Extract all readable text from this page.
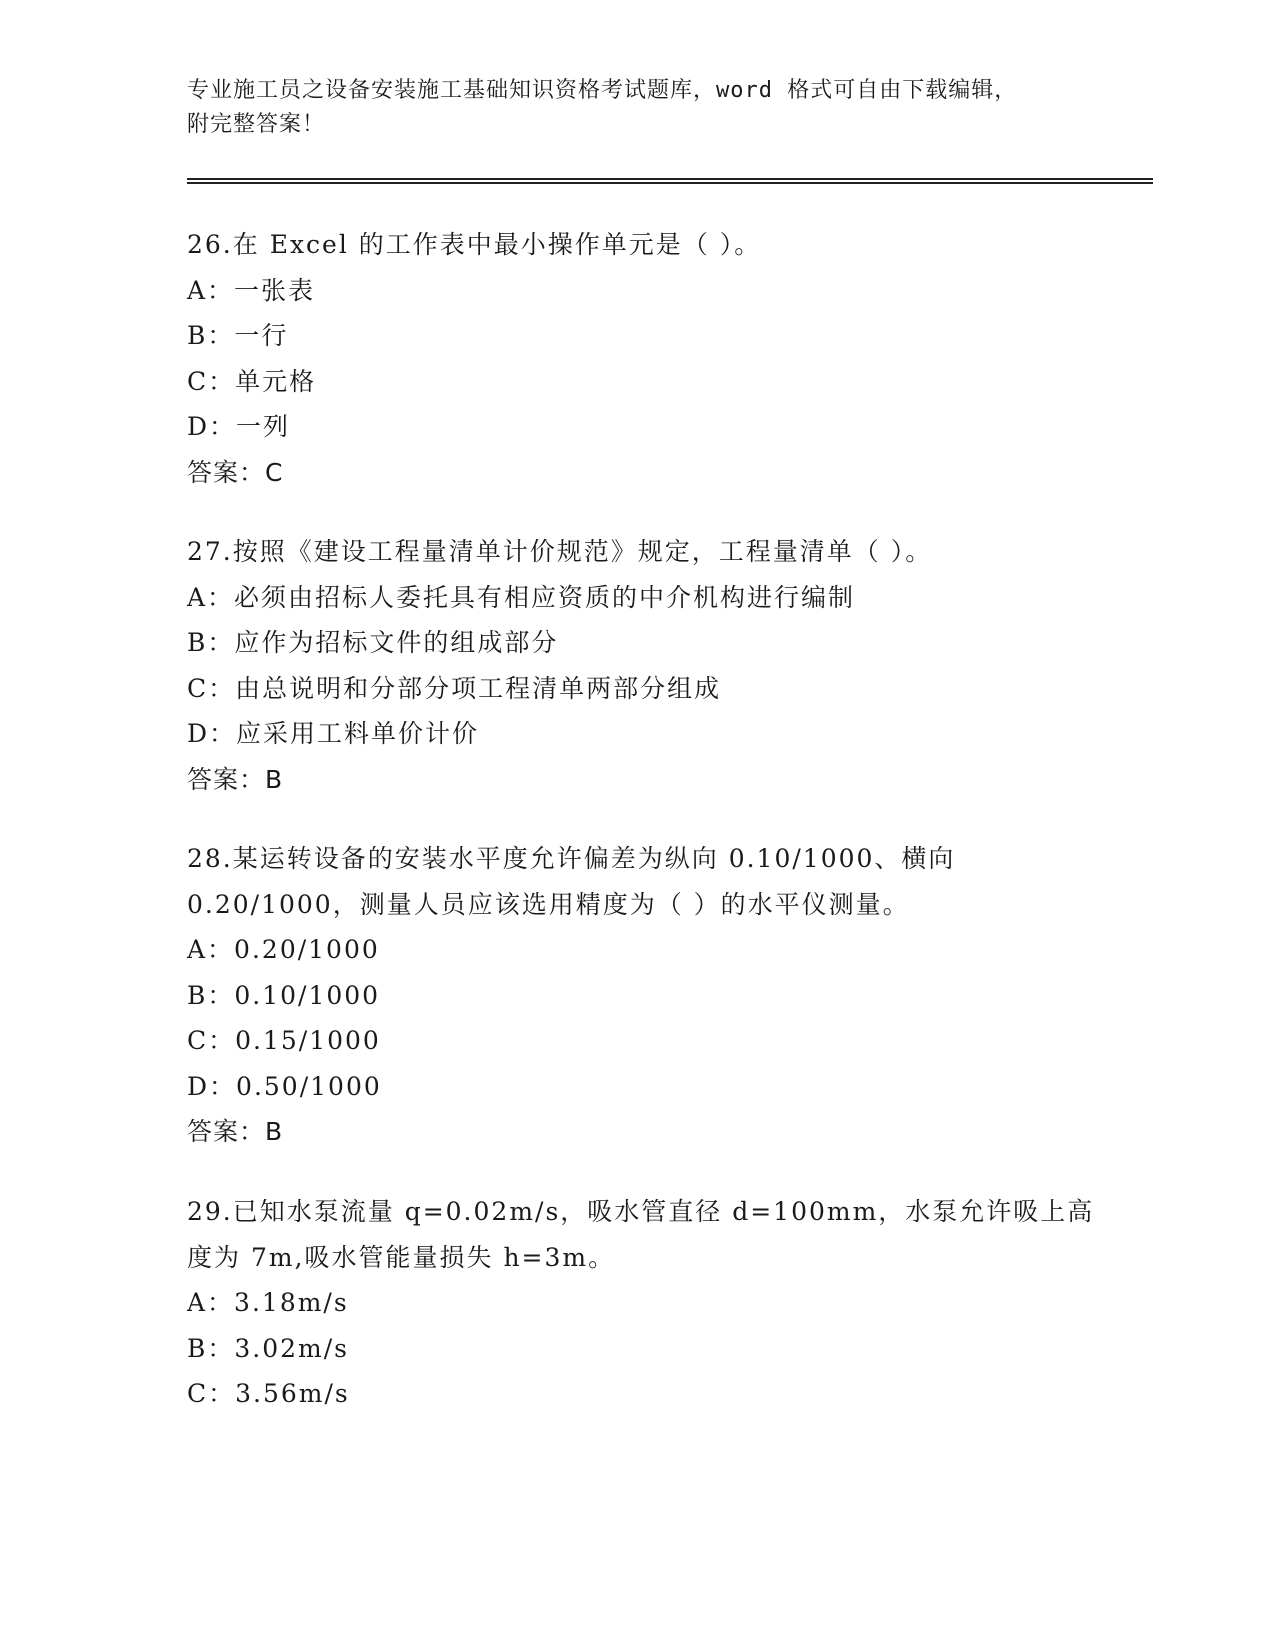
专业施工员之设备安装施工基础知识资格考试题库，word 格式可自由下载编辑，

附完整答案！

26.在 Excel 的工作表中最小操作单元是（ ）。
A：一张表
B：一行
C：单元格
D：一列
答案：C
27.按照《建设工程量清单计价规范》规定，工程量清单（ ）。
A：必须由招标人委托具有相应资质的中介机构进行编制
B：应作为招标文件的组成部分
C：由总说明和分部分项工程清单两部分组成
D：应采用工料单价计价
答案：B
28.某运转设备的安装水平度允许偏差为纵向 0.10/1000、横向
0.20/1000，测量人员应该选用精度为（ ）的水平仪测量。
A：0.20/1000
B：0.10/1000
C：0.15/1000
D：0.50/1000
答案：B
29.已知水泵流量 q=0.02m/s，吸水管直径 d=100mm，水泵允许吸上高
度为 7m,吸水管能量损失 h=3m。
A：3.18m/s
B：3.02m/s
C：3.56m/s
